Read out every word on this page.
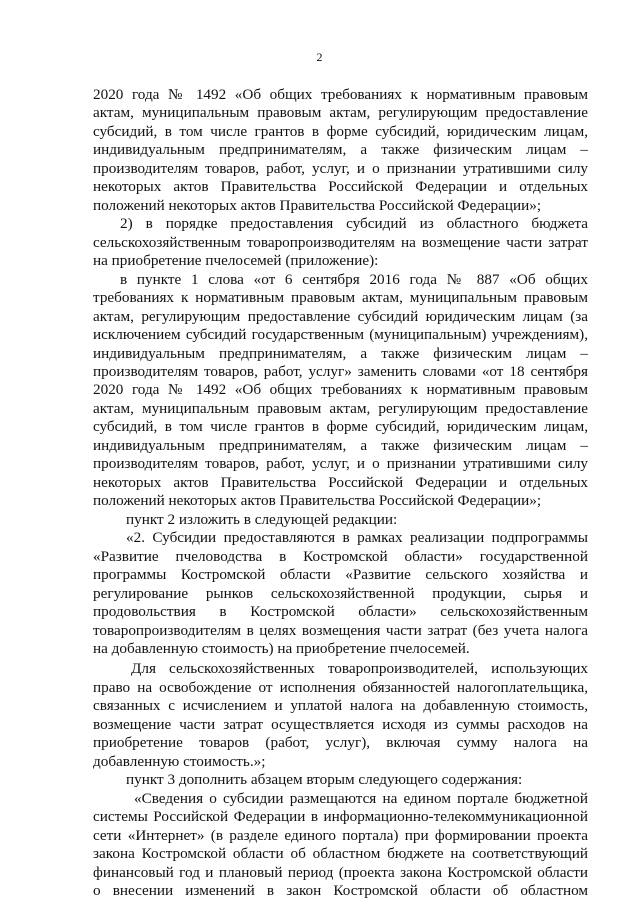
2
2020 года № 1492 «Об общих требованиях к нормативным правовым
актам, муниципальным правовым актам, регулирующим предоставление
субсидий, в том числе грантов в форме субсидий, юридическим лицам,
индивидуальным предпринимателям, а также физическим лицам –
производителям товаров, работ, услуг, и о признании утратившими силу
некоторых актов Правительства Российской Федерации и отдельных
положений некоторых актов Правительства Российской Федерации»;
2) в порядке предоставления субсидий из областного бюджета
сельскохозяйственным товаропроизводителям на возмещение части затрат
на приобретение пчелосемей (приложение):
в пункте 1 слова «от 6 сентября 2016 года № 887 «Об общих
требованиях к нормативным правовым актам, муниципальным правовым
актам, регулирующим предоставление субсидий юридическим лицам (за
исключением субсидий государственным (муниципальным) учреждениям),
индивидуальным предпринимателям, а также физическим лицам –
производителям товаров, работ, услуг» заменить словами «от 18 сентября
2020 года № 1492 «Об общих требованиях к нормативным правовым
актам, муниципальным правовым актам, регулирующим предоставление
субсидий, в том числе грантов в форме субсидий, юридическим лицам,
индивидуальным предпринимателям, а также физическим лицам –
производителям товаров, работ, услуг, и о признании утратившими силу
некоторых актов Правительства Российской Федерации и отдельных
положений некоторых актов Правительства Российской Федерации»;
пункт 2 изложить в следующей редакции:
«2. Субсидии предоставляются в рамках реализации подпрограммы
«Развитие пчеловодства в Костромской области» государственной
программы Костромской области «Развитие сельского хозяйства и
регулирование рынков сельскохозяйственной продукции, сырья и
продовольствия в Костромской области» сельскохозяйственным
товаропроизводителям в целях возмещения части затрат (без учета налога
на добавленную стоимость) на приобретение пчелосемей.
Для сельскохозяйственных товаропроизводителей, использующих
право на освобождение от исполнения обязанностей налогоплательщика,
связанных с исчислением и уплатой налога на добавленную стоимость,
возмещение части затрат осуществляется исходя из суммы расходов на
приобретение товаров (работ, услуг), включая сумму налога на
добавленную стоимость.»;
пункт 3 дополнить абзацем вторым следующего содержания:
«Сведения о субсидии размещаются на едином портале бюджетной
системы Российской Федерации в информационно-телекоммуникационной
сети «Интернет» (в разделе единого портала) при формировании проекта
закона Костромской области об областном бюджете на соответствующий
финансовый год и плановый период (проекта закона Костромской области
о внесении изменений в закон Костромской области об областном
